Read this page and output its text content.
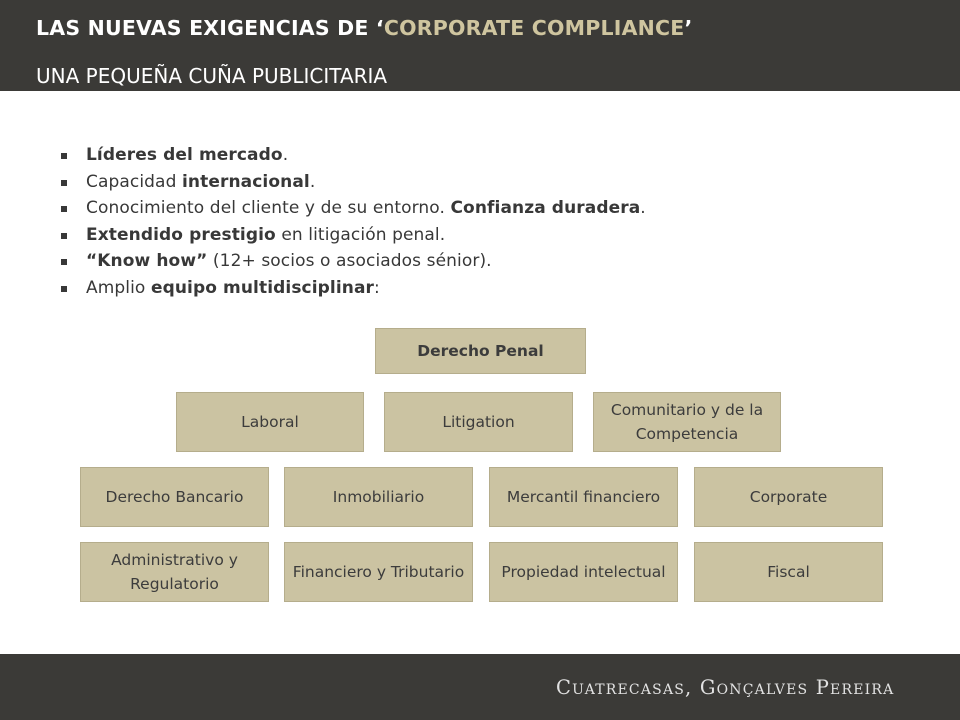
LAS NUEVAS EXIGENCIAS DE ‘CORPORATE COMPLIANCE’
UNA PEQUEÑA CUÑA PUBLICITARIA
Líderes del mercado.
Capacidad internacional.
Conocimiento del cliente y de su entorno. Confianza duradera.
Extendido prestigio en litigación penal.
“Know how” (12+ socios o asociados sénior).
Amplio equipo multidisciplinar:
Derecho Penal
Laboral	Litigation
Comunitario y de la Competencia
Derecho Bancario	Inmobiliario	Mercantil financiero	Corporate
Administrativo y Regulatorio
Financiero y Tributario	Propiedad intelectual	Fiscal
Cuatrecasas, Gonçalves Pereira
